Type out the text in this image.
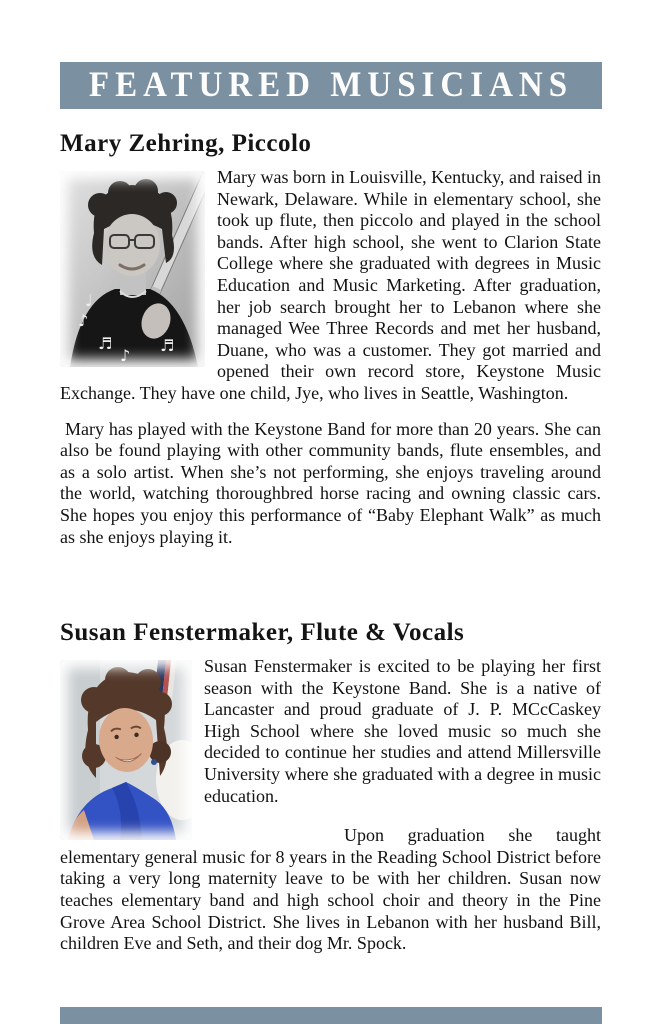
FEATURED MUSICIANS
Mary Zehring, Piccolo
♪
♬
♩
♪
♬

Mary was born in Louisville, Kentucky, and raised in Newark, Delaware. While in elementary school, she took up flute, then piccolo and played in the school bands. After high school, she went to Clarion State College where she graduated with degrees in Music Education and Music Marketing. After graduation, her job search brought her to Lebanon where she managed Wee Three Records and met her husband, Duane, who was a customer. They got married and opened their own record store, Keystone Music Exchange. They have one child, Jye, who lives in Seattle, Washington.

Mary has played with the Keystone Band for more than 20 years. She can also be found playing with other community bands, flute ensembles, and as a solo artist. When she’s not performing, she enjoys traveling around the world, watching thoroughbred horse racing and owning classic cars. She hopes you enjoy this performance of “Baby Elephant Walk” as much as she enjoys playing it.

Susan Fenstermaker, Flute & Vocals

Susan Fenstermaker is excited to be playing her first season with the Keystone Band. She is a native of Lancaster and proud graduate of J. P. MCcCaskey High School where she loved music so much she decided to continue her studies and attend Millersville University where she graduated with a degree in music education.

Upon graduation she taught elementary general music for 8 years in the Reading School District before taking a very long maternity leave to be with her children. Susan now teaches elementary band and high school choir and theory in the Pine Grove Area School District. She lives in Lebanon with her husband Bill, children Eve and Seth, and their dog Mr. Spock.
